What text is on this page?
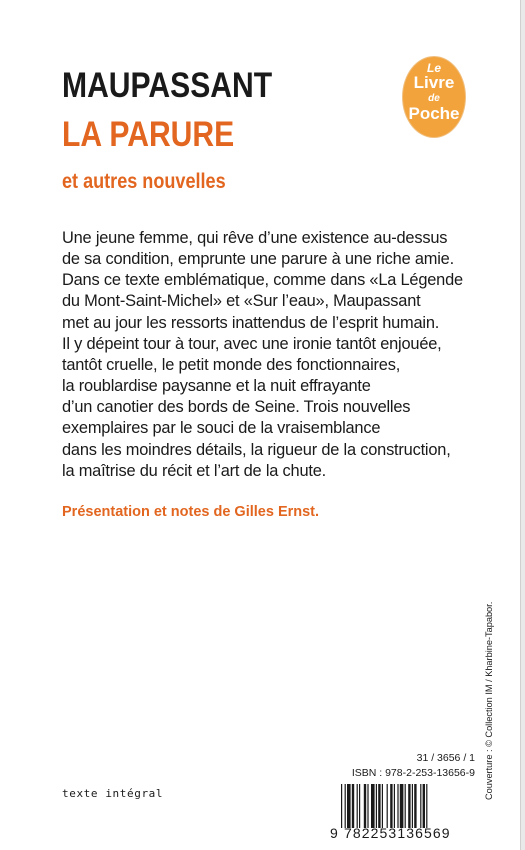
MAUPASSANT
LA PARURE
et autres nouvelles
Le
Livre
de
Poche
Une jeune femme, qui rêve d’une existence au-dessus
de sa condition, emprunte une parure à une riche amie.
Dans ce texte emblématique, comme dans «La Légende
du Mont-Saint-Michel» et «Sur l’eau», Maupassant
met au jour les ressorts inattendus de l’esprit humain.
Il y dépeint tour à tour, avec une ironie tantôt enjouée,
tantôt cruelle, le petit monde des fonctionnaires,
la roublardise paysanne et la nuit effrayante
d’un canotier des bords de Seine. Trois nouvelles
exemplaires par le souci de la vraisemblance
dans les moindres détails, la rigueur de la construction,
la maîtrise du récit et l’art de la chute.
Présentation et notes de Gilles Ernst.
Couverture : © Collection IM / Kharbine-Tapabor.
texte intégral
31 / 3656 / 1
ISBN : 978-2-253-13656-9
9 782253136569
